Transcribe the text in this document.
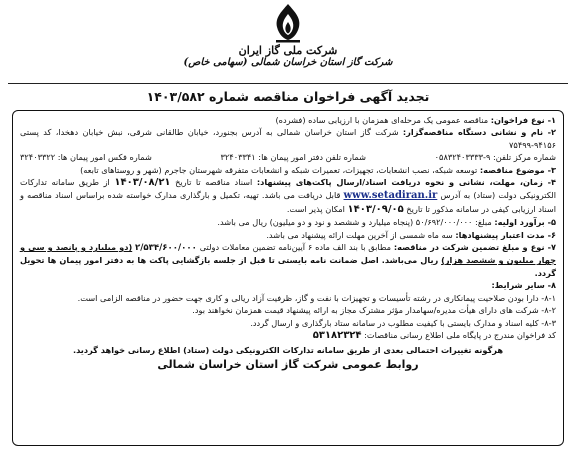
شرکت ملی گاز ایران
شرکت گاز استان خراسان شمالی (سهامی خاص)
تجدید آگهی فراخوان مناقصه شماره ۱۴۰۳/۵۸۲

۱- نوع فراخوان: مناقصه عمومی یک مرحله‌ای همزمان با ارزیابی ساده (فشرده)

۲- نام و نشانی دستگاه مناقصه‌گزار: شرکت گاز استان خراسان شمالی به آدرس بجنورد، خیابان طالقانی شرقی، نبش خیابان دهخدا، کد پستی ۹۴۱۵۶-۷۵۴۹۹

شماره مرکز تلفن: ۹-۰۵۸۳۲۴۰۳۳۳۳
شماره تلفن دفتر امور پیمان ها: ۳۲۴۰۳۳۴۱
شماره فکس امور پیمان ها: ۳۲۴۰۳۳۲۲

۳- موضوع مناقصه: توسعه شبکه، نصب انشعابات، تجهیزات، تعمیرات شبکه و انشعابات متفرقه شهرستان جاجرم (شهر و روستاهای تابعه)

۴- زمان، مهلت، نشانی و نحوه دریافت اسناد/ارسال پاکت‌های پیشنهاد: اسناد مناقصه تا تاریخ ۱۴۰۳/۰۸/۲۱ از طریق سامانه تدارکات الکترونیکی دولت (ستاد) به آدرس www.setadiran.ir قابل دریافت می باشد. تهیه، تکمیل و بارگذاری مدارک خواسته شده براساس اسناد مناقصه و اسناد ارزیابی کیفی در سامانه مذکور تا تاریخ ۱۴۰۳/۰۹/۰۵ امکان پذیر است.

۵- برآورد اولیه: مبلغ: ۵۰/۶۹۲/۰۰۰/۰۰۰ (پنجاه میلیارد و ششصد و نود و دو میلیون) ریال می باشد.

۶- مدت اعتبار پیشنهادها: سه ماه شمسی از آخرین مهلت ارائه پیشنهاد می باشد.

۷- نوع و مبلغ تضمین شرکت در مناقصه: مطابق با بند الف ماده ۶ آیین‌نامه تضمین معاملات دولتی ۲/۵۳۴/۶۰۰/۰۰۰ (دو میلیارد و پانصد و سی و چهار میلیون و ششصد هزار) ریال می‌باشد. اصل ضمانت نامه بایستی تا قبل از جلسه بازگشایی پاکت ها به دفتر امور پیمان ها تحویل گردد.

۸- سایر شرایط:

۸-۱- دارا بودن صلاحیت پیمانکاری در رشته تأسیسات و تجهیزات با نفت و گاز، ظرفیت آزاد ریالی و کاری جهت حضور در مناقصه الزامی است.

۸-۲- شرکت های دارای هیأت مدیره/سهامدار مؤثر مشترک مجاز به ارائه پیشنهاد قیمت همزمان نخواهند بود.

۸-۳- کلیه اسناد و مدارک بایستی با کیفیت مطلوب در سامانه ستاد بارگذاری و ارسال گردد.

کد فراخوان مندرج در پایگاه ملی اطلاع رسانی مناقصات: ۵۳۱۸۲۳۲۴

هرگونه تغییرات احتمالی بعدی از طریق سامانه تدارکات الکترونیکی دولت (ستاد) اطلاع رسانی خواهد گردید.

روابط عمومی شرکت گاز استان خراسان شمالی
